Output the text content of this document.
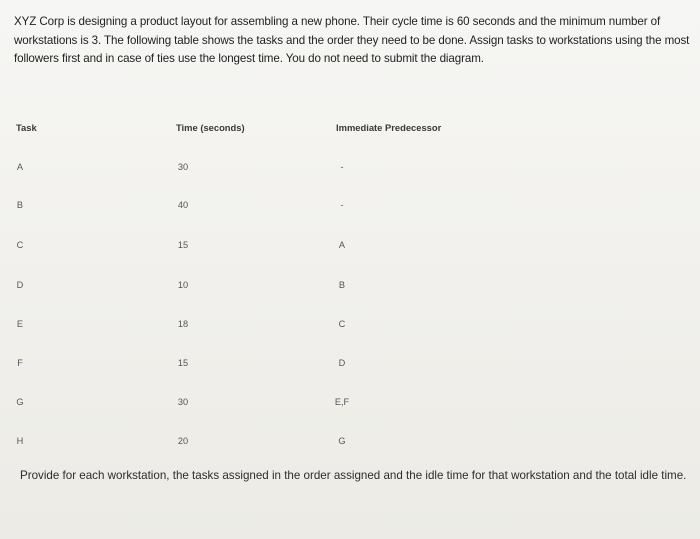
XYZ Corp is designing a product layout for assembling a new phone. Their cycle time is 60 seconds and the minimum number of workstations is 3. The following table shows the tasks and the order they need to be done. Assign tasks to workstations using the most followers first and in case of ties use the longest time. You do not need to submit the diagram.
Task	Time (seconds)	Immediate Predecessor
A	30	-
B	40	-
C	15	A
D	10	B
E	18	C
F	15	D
G	30	E,F
H	20	G
Provide for each workstation, the tasks assigned in the order assigned and the idle time for that workstation and the total idle time.
